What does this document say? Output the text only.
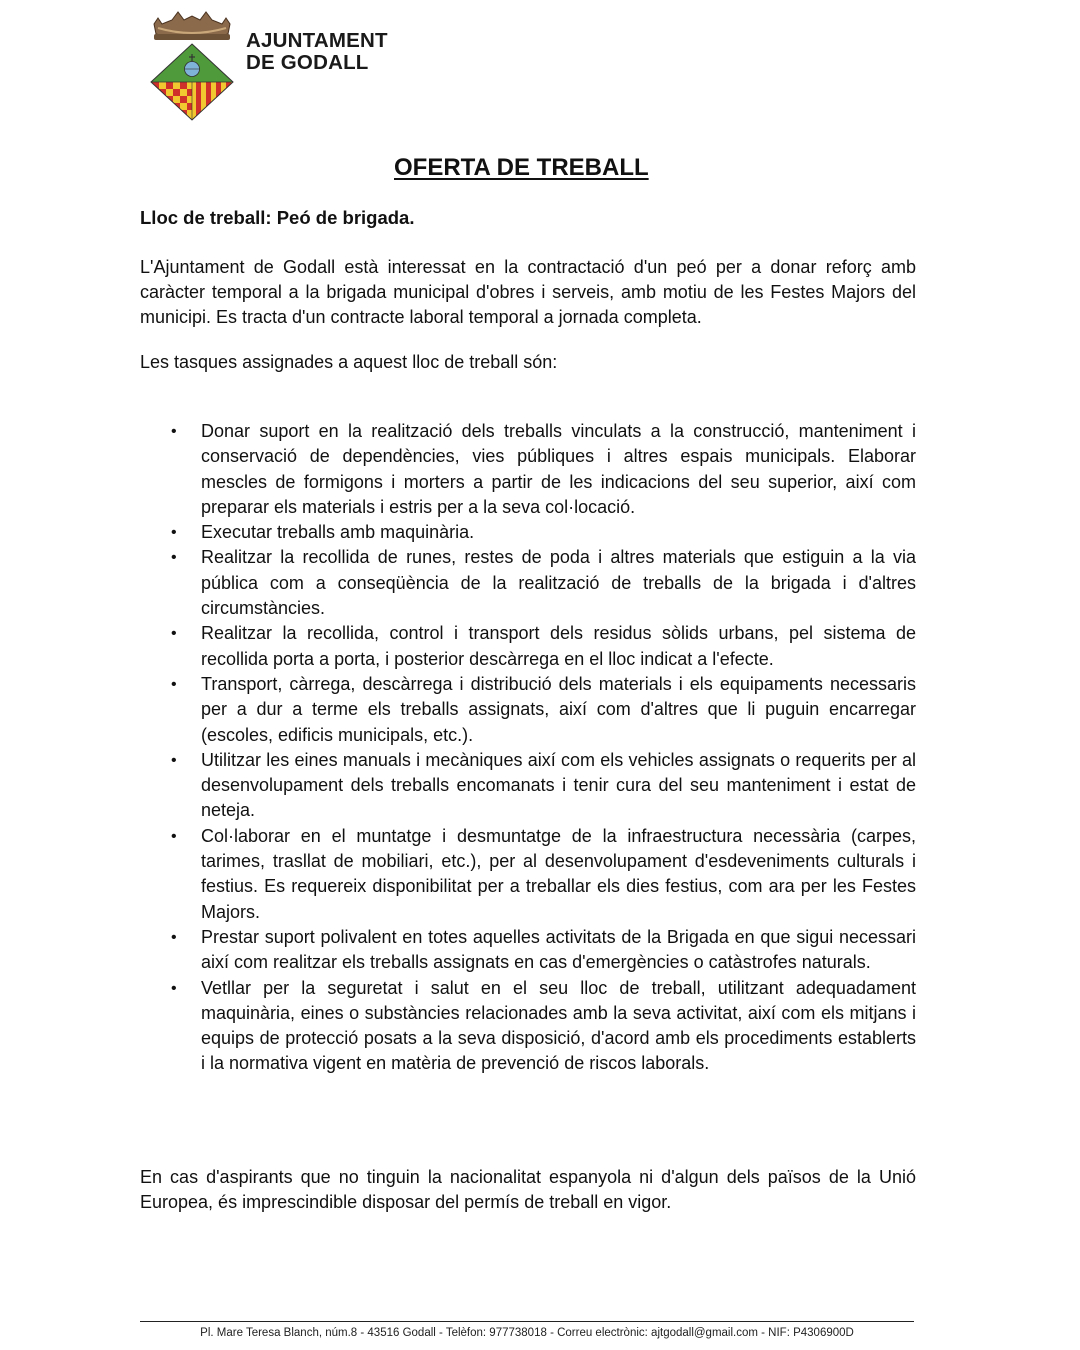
AJUNTAMENT
DE GODALL
OFERTA DE TREBALL
Lloc de treball: Peó de brigada.

L'Ajuntament de Godall està interessat en la contractació d'un peó per a donar reforç amb caràcter temporal a la brigada municipal d'obres i serveis, amb motiu de les Festes Majors del municipi. Es tracta d'un contracte laboral temporal a jornada completa.

Les tasques assignades a aquest lloc de treball són:

• Donar suport en la realització dels treballs vinculats a la construcció, manteniment i conservació de dependències, vies públiques i altres espais municipals. Elaborar mescles de formigons i morters a partir de les indicacions del seu superior, així com preparar els materials i estris per a la seva col·locació.
• Executar treballs amb maquinària.
• Realitzar la recollida de runes, restes de poda i altres materials que estiguin a la via pública com a conseqüència de la realització de treballs de la brigada i d'altres circumstàncies.
• Realitzar la recollida, control i transport dels residus sòlids urbans, pel sistema de recollida porta a porta, i posterior descàrrega en el lloc indicat a l'efecte.
• Transport, càrrega, descàrrega i distribució dels materials i els equipaments necessaris per a dur a terme els treballs assignats, així com d'altres que li puguin encarregar (escoles, edificis municipals, etc.).
• Utilitzar les eines manuals i mecàniques així com els vehicles assignats o requerits per al desenvolupament dels treballs encomanats i tenir cura del seu manteniment i estat de neteja.
• Col·laborar en el muntatge i desmuntatge de la infraestructura necessària (carpes, tarimes, trasllat de mobiliari, etc.), per al desenvolupament d'esdeveniments culturals i festius. Es requereix disponibilitat per a treballar els dies festius, com ara per les Festes Majors.
• Prestar suport polivalent en totes aquelles activitats de la Brigada en que sigui necessari així com realitzar els treballs assignats en cas d'emergències o catàstrofes naturals.
• Vetllar per la seguretat i salut en el seu lloc de treball, utilitzant adequadament maquinària, eines o substàncies relacionades amb la seva activitat, així com els mitjans i equips de protecció posats a la seva disposició, d'acord amb els procediments establerts i la normativa vigent en matèria de prevenció de riscos laborals.

En cas d'aspirants que no tinguin la nacionalitat espanyola ni d'algun dels països de la Unió Europea, és imprescindible disposar del permís de treball en vigor.

Pl. Mare Teresa Blanch, núm.8 - 43516 Godall - Telèfon: 977738018 - Correu electrònic: ajtgodall@gmail.com - NIF: P4306900D
